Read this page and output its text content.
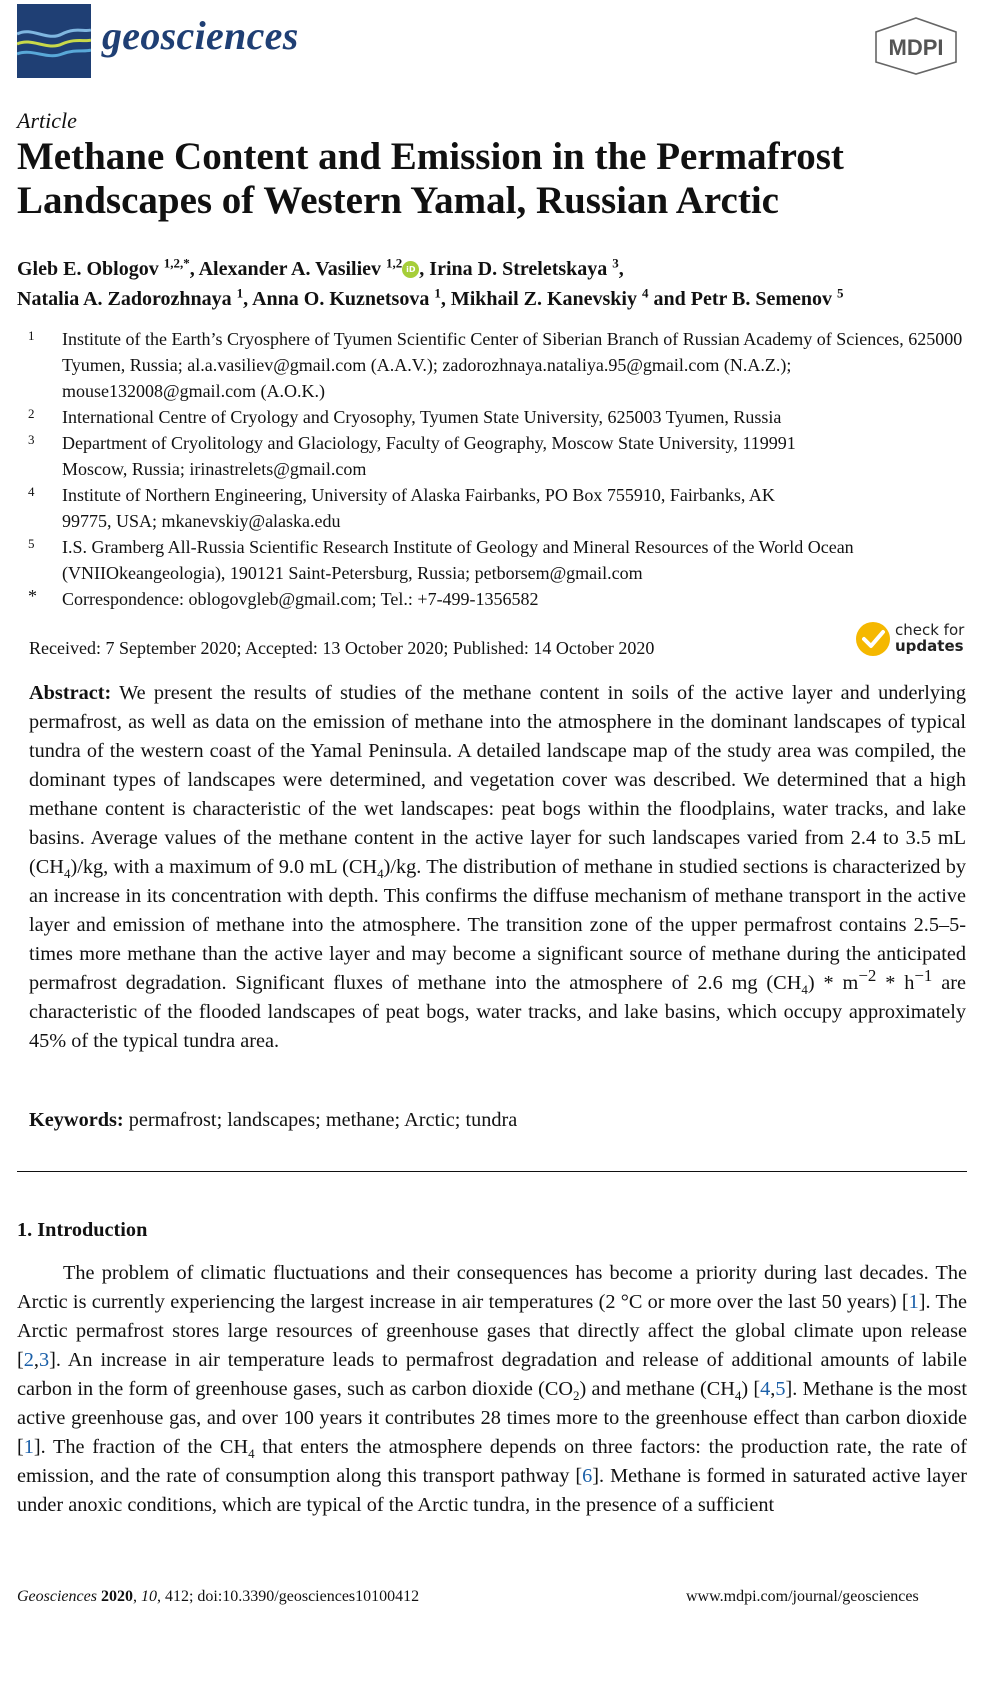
geosciences	MDPI
Article
Methane Content and Emission in the Permafrost Landscapes of Western Yamal, Russian Arctic
Gleb E. Oblogov $^{1,2,*}$, Alexander A. Vasiliev $^{1,2}$ iD , Irina D. Streletskaya $^3$,
Natalia A. Zadorozhnaya $^1$, Anna O. Kuznetsova $^1$, Mikhail Z. Kanevskiy $^4$ and Petr B. Semenov $^5$
1 Institute of the Earth’s Cryosphere of Tyumen Scientific Center of Siberian Branch of Russian Academy of Sciences, 625000 Tyumen, Russia; al.a.vasiliev@gmail.com (A.A.V.); zadorozhnaya.nataliya.95@gmail.com (N.A.Z.); mouse132008@gmail.com (A.O.K.)
2 International Centre of Cryology and Cryosophy, Tyumen State University, 625003 Tyumen, Russia
3 Department of Cryolitology and Glaciology, Faculty of Geography, Moscow State University, 119991 Moscow, Russia; irinastrelets@gmail.com
4 Institute of Northern Engineering, University of Alaska Fairbanks, PO Box 755910, Fairbanks, AK 99775, USA; mkanevskiy@alaska.edu
5 I.S. Gramberg All-Russia Scientific Research Institute of Geology and Mineral Resources of the World Ocean (VNIIOkeangeologia), 190121 Saint-Petersburg, Russia; petborsem@gmail.com
* Correspondence: oblogovgleb@gmail.com; Tel.: +7-499-1356582
Received: 7 September 2020; Accepted: 13 October 2020; Published: 14 October 2020
check for
updates

Abstract: We present the results of studies of the methane content in soils of the active layer and underlying permafrost, as well as data on the emission of methane into the atmosphere in the dominant landscapes of typical tundra of the western coast of the Yamal Peninsula. A detailed landscape map of the study area was compiled, the dominant types of landscapes were determined, and vegetation cover was described. We determined that a high methane content is characteristic of the wet landscapes: peat bogs within the floodplains, water tracks, and lake basins. Average values of the methane content in the active layer for such landscapes varied from 2.4 to 3.5 mL $(CH_4)/kg$, with a maximum of 9.0 mL $(CH_4)/kg$. The distribution of methane in studied sections is characterized by an increase in its concentration with depth. This confirms the diffuse mechanism of methane transport in the active layer and emission of methane into the atmosphere. The transition zone of the upper permafrost contains 2.5–5-times more methane than the active layer and may become a significant source of methane during the anticipated permafrost degradation. Significant fluxes of methane into the atmosphere of 2.6 mg $(CH_4) * m^{-2} * h^{-1}$ are characteristic of the flooded landscapes of peat bogs, water tracks, and lake basins, which occupy approximately 45% of the typical tundra area.

Keywords: permafrost; landscapes; methane; Arctic; tundra
1. Introduction

The problem of climatic fluctuations and their consequences has become a priority during last decades. The Arctic is currently experiencing the largest increase in air temperatures (2 °C or more over the last 50 years) [1]. The Arctic permafrost stores large resources of greenhouse gases that directly affect the global climate upon release [2,3]. An increase in air temperature leads to permafrost degradation and release of additional amounts of labile carbon in the form of greenhouse gases, such as carbon dioxide $(CO_2)$ and methane $(CH_4)$ [4,5]. Methane is the most active greenhouse gas, and over 100 years it contributes 28 times more to the greenhouse effect than carbon dioxide [1]. The fraction of the $CH_4$ that enters the atmosphere depends on three factors: the production rate, the rate of emission, and the rate of consumption along this transport pathway [6]. Methane is formed in saturated active layer under anoxic conditions, which are typical of the Arctic tundra, in the presence of a sufficient

Geosciences 2020, 10, 412; doi:10.3390/geosciences10100412	www.mdpi.com/journal/geosciences
